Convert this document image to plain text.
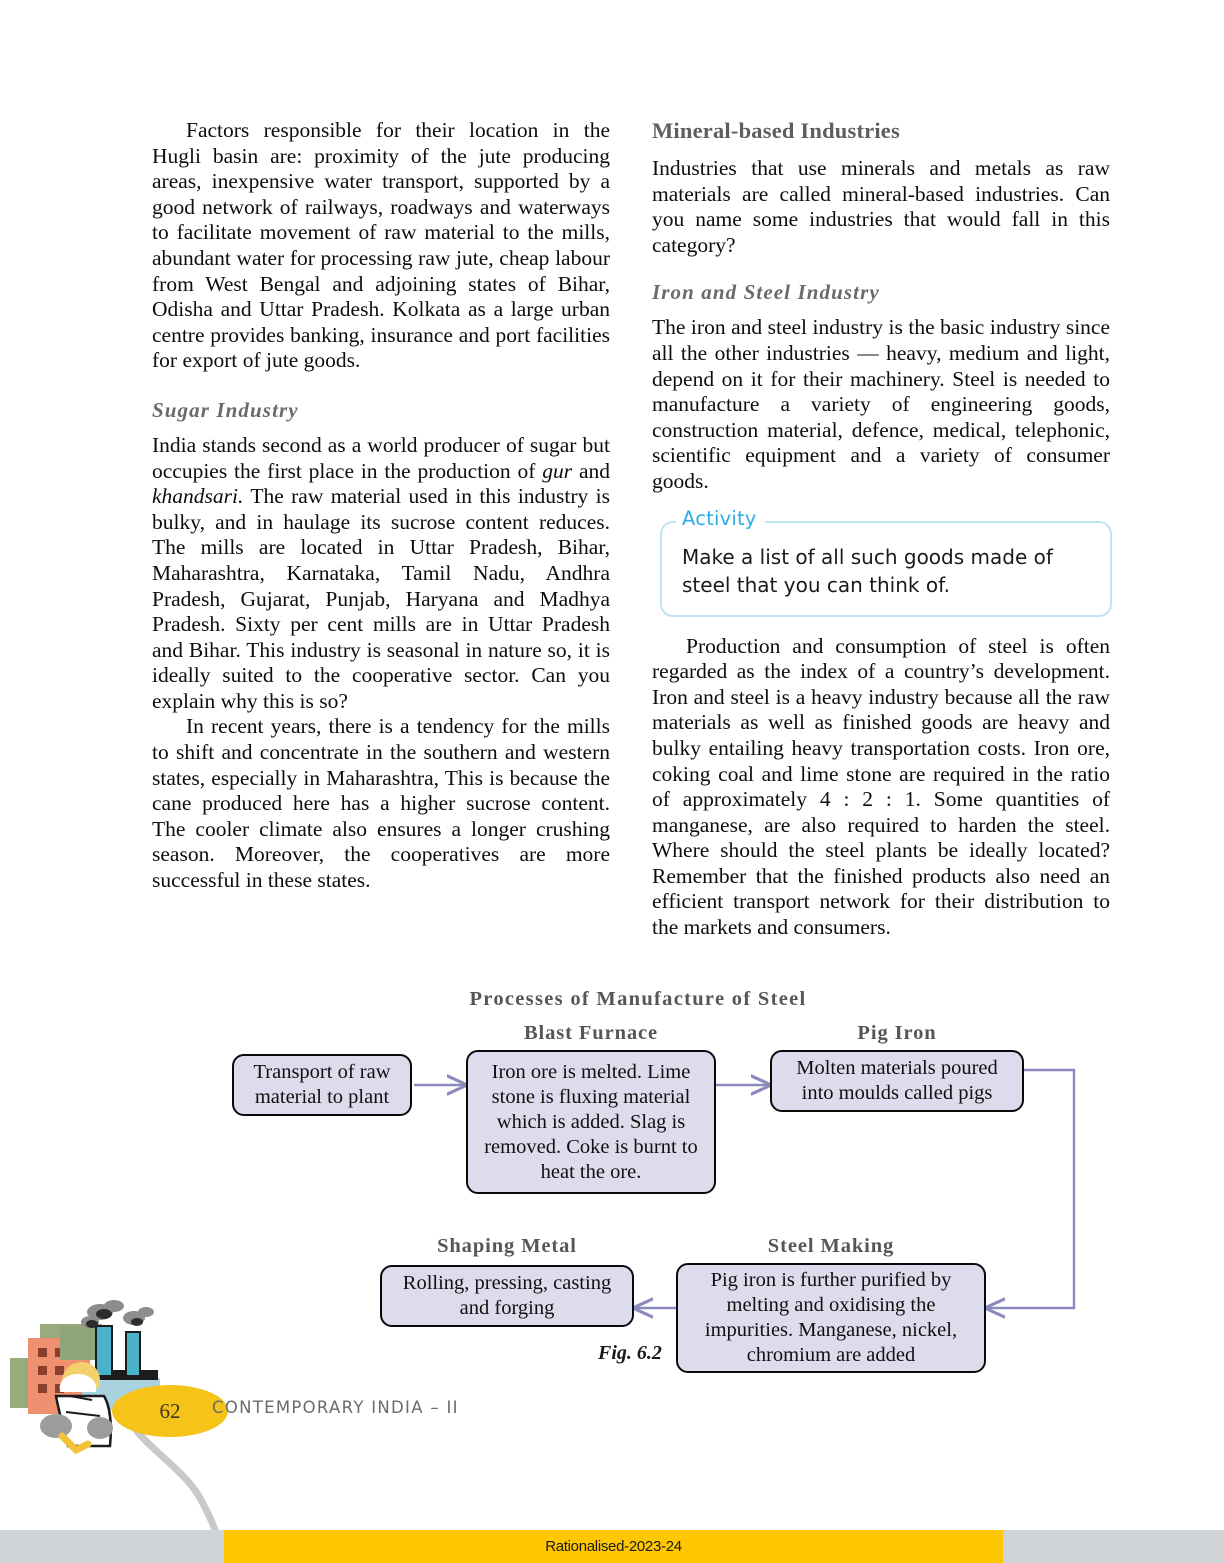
Factors responsible for their location in the Hugli basin are: proximity of the jute producing areas, inexpensive water transport, supported by a good network of railways, roadways and waterways to facilitate movement of raw material to the mills, abundant water for processing raw jute, cheap labour from West Bengal and adjoining states of Bihar, Odisha and Uttar Pradesh. Kolkata as a large urban centre provides banking, insurance and port facilities for export of jute goods.

Sugar Industry

India stands second as a world producer of sugar but occupies the first place in the production of gur and khandsari. The raw material used in this industry is bulky, and in haulage its sucrose content reduces. The mills are located in Uttar Pradesh, Bihar, Maharashtra, Karnataka, Tamil Nadu, Andhra Pradesh, Gujarat, Punjab, Haryana and Madhya Pradesh. Sixty per cent mills are in Uttar Pradesh and Bihar. This industry is seasonal in nature so, it is ideally suited to the cooperative sector. Can you explain why this is so?

In recent years, there is a tendency for the mills to shift and concentrate in the southern and western states, especially in Maharashtra, This is because the cane produced here has a higher sucrose content. The cooler climate also ensures a longer crushing season. Moreover, the cooperatives are more successful in these states.

Mineral-based Industries

Industries that use minerals and metals as raw materials are called mineral-based industries. Can you name some industries that would fall in this category?

Iron and Steel Industry

The iron and steel industry is the basic industry since all the other industries — heavy, medium and light, depend on it for their machinery. Steel is needed to manufacture a variety of engineering goods, construction material, defence, medical, telephonic, scientific equipment and a variety of consumer goods.

Activity

Make a list of all such goods made of steel that you can think of.

Production and consumption of steel is often regarded as the index of a country’s development. Iron and steel is a heavy industry because all the raw materials as well as finished goods are heavy and bulky entailing heavy transportation costs. Iron ore, coking coal and lime stone are required in the ratio of approximately 4 : 2 : 1. Some quantities of manganese, are also required to harden the steel. Where should the steel plants be ideally located? Remember that the finished products also need an efficient transport network for their distribution to the markets and consumers.

Processes of Manufacture of Steel
Transport of raw material to plant
Blast Furnace
Iron ore is melted. Lime stone is fluxing material which is added. Slag is removed. Coke is burnt to heat the ore.
Pig Iron
Molten materials poured into moulds called pigs
Steel Making
Pig iron is further purified by melting and oxidising the impurities. Manganese, nickel, chromium are added
Shaping Metal
Rolling, pressing, casting and forging
Fig. 6.2
62	CONTEMPORARY INDIA – II
Rationalised-2023-24
